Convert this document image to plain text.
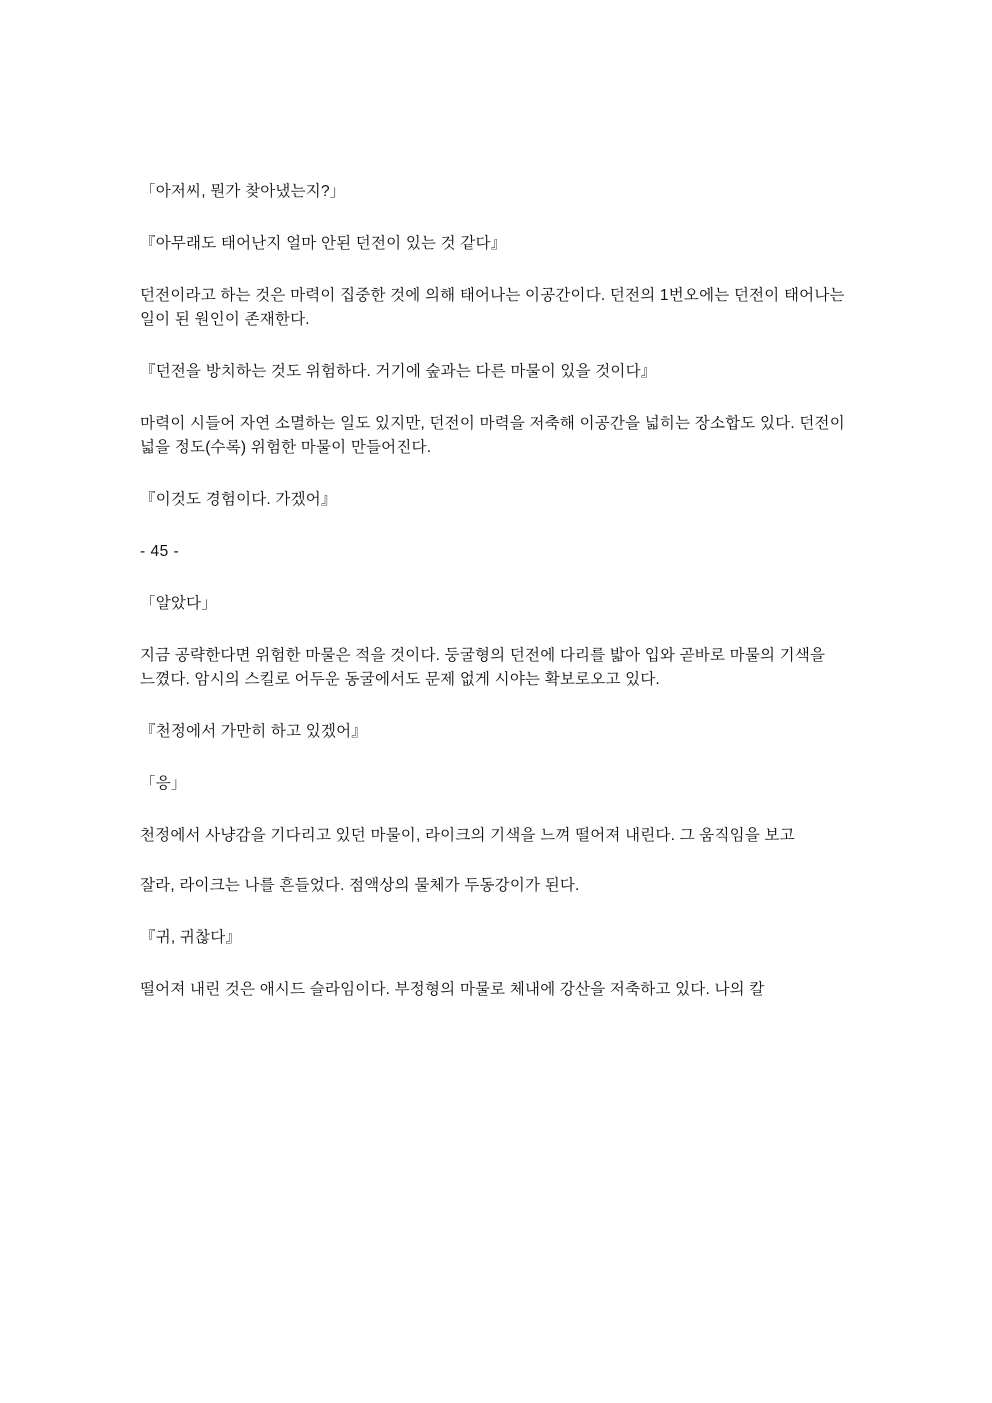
「아저씨, 뭔가 찾아냈는지?」

『아무래도 태어난지 얼마 안된 던전이 있는 것 같다』

던전이라고 하는 것은 마력이 집중한 것에 의해 태어나는 이공간이다. 던전의 1번오에는 던전이 태어나는 일이 된 원인이 존재한다.

『던전을 방치하는 것도 위험하다. 거기에 숲과는 다른 마물이 있을 것이다』

마력이 시들어 자연 소멸하는 일도 있지만, 던전이 마력을 저축해 이공간을 넓히는 장소합도 있다. 던전이 넓을 정도(수록) 위험한 마물이 만들어진다.

『이것도 경험이다. 가겠어』

- 45 -

「알았다」

지금 공략한다면 위험한 마물은 적을 것이다. 둥굴형의 던전에 다리를 밟아 입와 곧바로 마물의 기색을 느꼈다. 암시의 스킬로 어두운 동굴에서도 문제 없게 시야는 확보로오고 있다.

『천정에서 가만히 하고 있겠어』

「응」

천정에서 사냥감을 기다리고 있던 마물이, 라이크의 기색을 느껴 떨어져 내린다. 그 움직임을 보고

잘라, 라이크는 나를 흔들었다. 점액상의 물체가 두동강이가 된다.

『귀, 귀찮다』

떨어져 내린 것은 애시드 슬라임이다. 부정형의 마물로 체내에 강산을 저축하고 있다. 나의 칼
